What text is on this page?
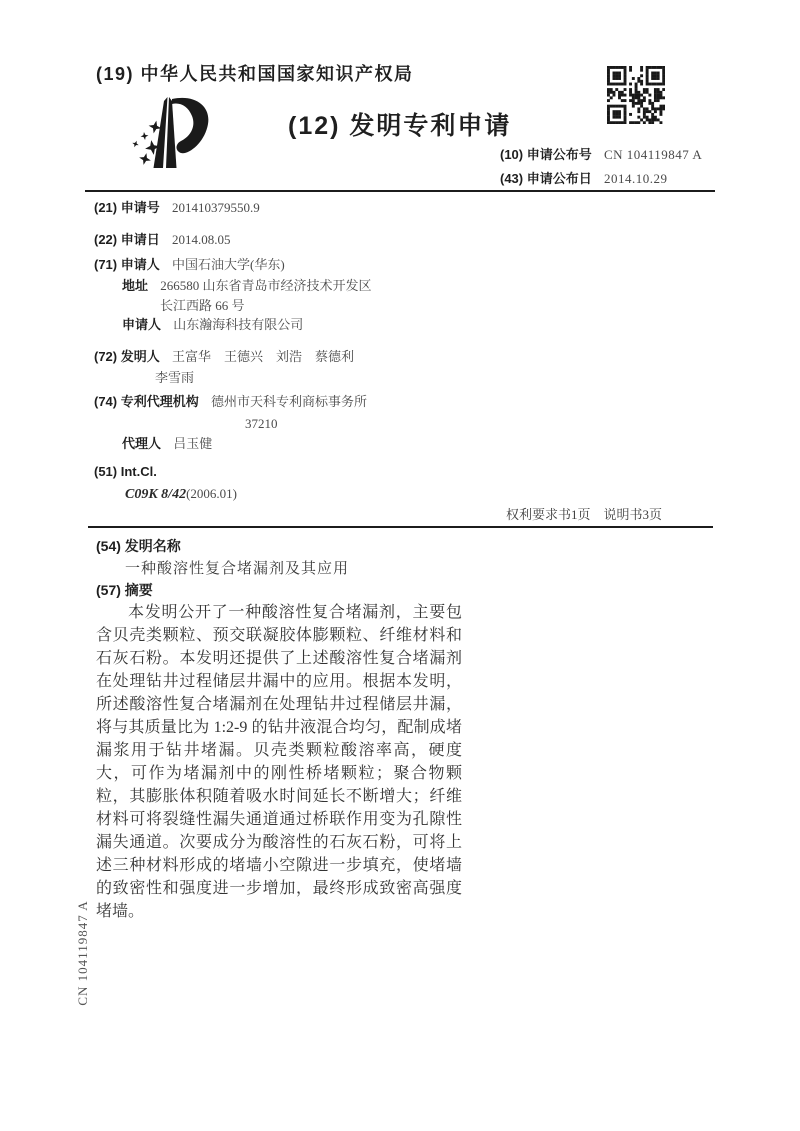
(19) 中华人民共和国国家知识产权局
(12) 发明专利申请
(10) 申请公布号 CN 104119847 A
(43) 申请公布日 2014.10.29
(21) 申请号 201410379550.9
(22) 申请日 2014.08.05
(71) 申请人 中国石油大学(华东)
地址 266580 山东省青岛市经济技术开发区
长江西路 66 号
申请人 山东瀚海科技有限公司
(72) 发明人 王富华　王德兴　刘浩　蔡德利
李雪雨
(74) 专利代理机构 德州市天科专利商标事务所
37210
代理人 吕玉健
(51) Int.Cl.
C09K 8/42(2006.01)
权利要求书1页　说明书3页
(54) 发明名称
一种酸溶性复合堵漏剂及其应用
(57) 摘要
本发明公开了一种酸溶性复合堵漏剂，主要包含贝壳类颗粒、预交联凝胶体膨颗粒、纤维材料和石灰石粉。本发明还提供了上述酸溶性复合堵漏剂在处理钻井过程储层井漏中的应用。根据本发明，所述酸溶性复合堵漏剂在处理钻井过程储层井漏，将与其质量比为 1:2-9 的钻井液混合均匀，配制成堵漏浆用于钻井堵漏。贝壳类颗粒酸溶率高，硬度大，可作为堵漏剂中的刚性桥堵颗粒；聚合物颗粒，其膨胀体积随着吸水时间延长不断增大；纤维材料可将裂缝性漏失通道通过桥联作用变为孔隙性漏失通道。次要成分为酸溶性的石灰石粉，可将上述三种材料形成的堵墙小空隙进一步填充，使堵墙的致密性和强度进一步增加，最终形成致密高强度堵墙。
CN 104119847 A
